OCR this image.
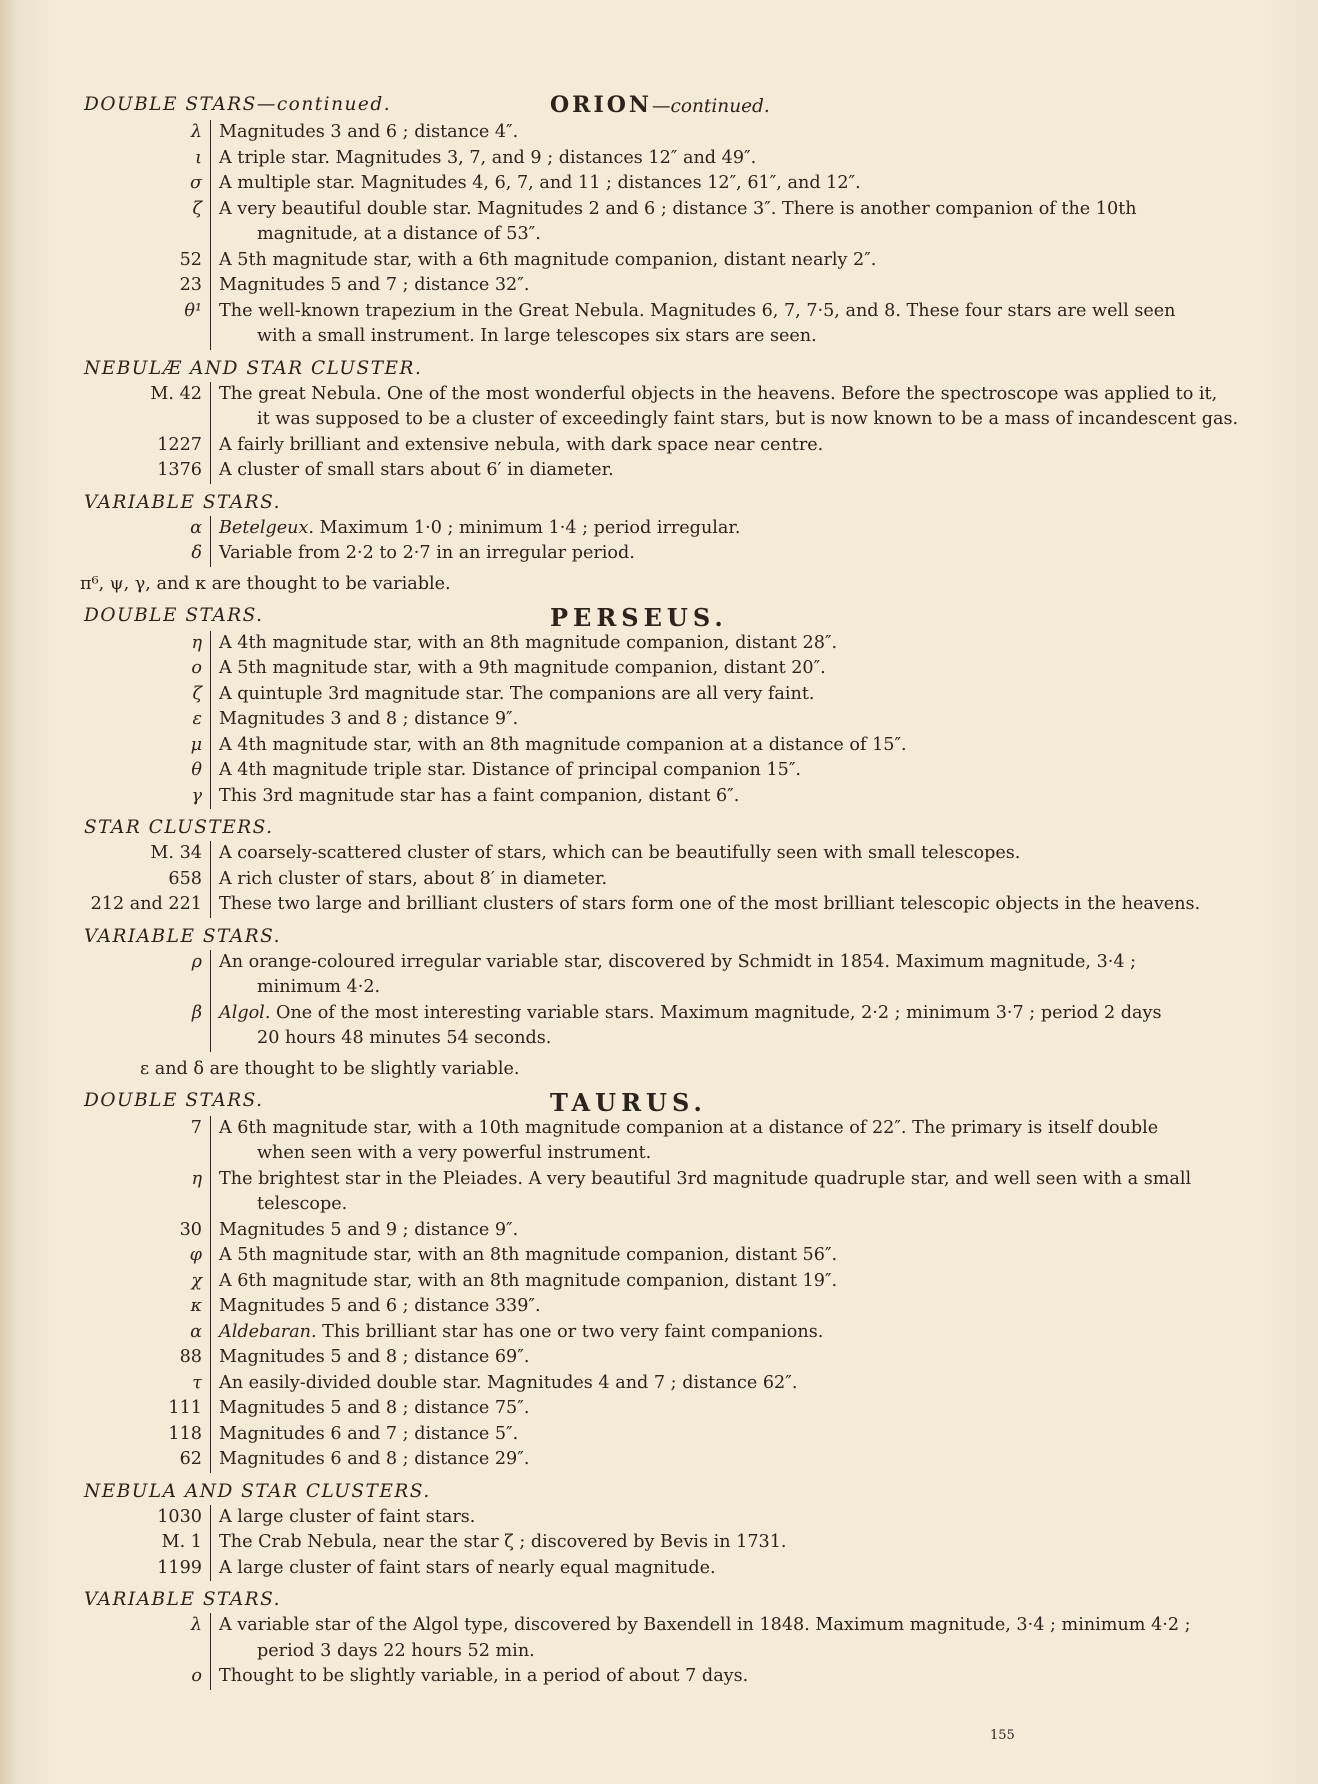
DOUBLE STARS—continued.	ORION—continued.
λ Magnitudes 3 and 6 ; distance 4″.
ι A triple star. Magnitudes 3, 7, and 9 ; distances 12″ and 49″.
σ A multiple star. Magnitudes 4, 6, 7, and 11 ; distances 12″, 61″, and 12″.
ζ A very beautiful double star. Magnitudes 2 and 6 ; distance 3″. There is another companion of the 10th
magnitude, at a distance of 53″.
52 A 5th magnitude star, with a 6th magnitude companion, distant nearly 2″.
23 Magnitudes 5 and 7 ; distance 32″.
θ¹ The well-known trapezium in the Great Nebula. Magnitudes 6, 7, 7·5, and 8. These four stars are well seen
with a small instrument. In large telescopes six stars are seen.
NEBULÆ AND STAR CLUSTER.
M. 42 The great Nebula. One of the most wonderful objects in the heavens. Before the spectroscope was applied to it,
it was supposed to be a cluster of exceedingly faint stars, but is now known to be a mass of incandescent gas.
1227 A fairly brilliant and extensive nebula, with dark space near centre.
1376 A cluster of small stars about 6′ in diameter.
VARIABLE STARS.
α Betelgeux. Maximum 1·0 ; minimum 1·4 ; period irregular.
δ Variable from 2·2 to 2·7 in an irregular period.
π⁶, ψ, γ, and κ are thought to be variable.
DOUBLE STARS.	PERSEUS.
η A 4th magnitude star, with an 8th magnitude companion, distant 28″.
ο A 5th magnitude star, with a 9th magnitude companion, distant 20″.
ζ A quintuple 3rd magnitude star. The companions are all very faint.
ε Magnitudes 3 and 8 ; distance 9″.
μ A 4th magnitude star, with an 8th magnitude companion at a distance of 15″.
θ A 4th magnitude triple star. Distance of principal companion 15″.
γ This 3rd magnitude star has a faint companion, distant 6″.
STAR CLUSTERS.
M. 34 A coarsely-scattered cluster of stars, which can be beautifully seen with small telescopes.
658 A rich cluster of stars, about 8′ in diameter.
212 and 221 These two large and brilliant clusters of stars form one of the most brilliant telescopic objects in the heavens.
VARIABLE STARS.
ρ An orange-coloured irregular variable star, discovered by Schmidt in 1854. Maximum magnitude, 3·4 ;
minimum 4·2.
β Algol. One of the most interesting variable stars. Maximum magnitude, 2·2 ; minimum 3·7 ; period 2 days
20 hours 48 minutes 54 seconds.
ε and δ are thought to be slightly variable.
DOUBLE STARS.	TAURUS.
7 A 6th magnitude star, with a 10th magnitude companion at a distance of 22″. The primary is itself double
when seen with a very powerful instrument.
η The brightest star in the Pleiades. A very beautiful 3rd magnitude quadruple star, and well seen with a small
telescope.
30 Magnitudes 5 and 9 ; distance 9″.
φ A 5th magnitude star, with an 8th magnitude companion, distant 56″.
χ A 6th magnitude star, with an 8th magnitude companion, distant 19″.
κ Magnitudes 5 and 6 ; distance 339″.
α Aldebaran. This brilliant star has one or two very faint companions.
88 Magnitudes 5 and 8 ; distance 69″.
τ An easily-divided double star. Magnitudes 4 and 7 ; distance 62″.
111 Magnitudes 5 and 8 ; distance 75″.
118 Magnitudes 6 and 7 ; distance 5″.
62 Magnitudes 6 and 8 ; distance 29″.
NEBULA AND STAR CLUSTERS.
1030 A large cluster of faint stars.
M. 1 The Crab Nebula, near the star ζ ; discovered by Bevis in 1731.
1199 A large cluster of faint stars of nearly equal magnitude.
VARIABLE STARS.
λ A variable star of the Algol type, discovered by Baxendell in 1848. Maximum magnitude, 3·4 ; minimum 4·2 ;
period 3 days 22 hours 52 min.
ο Thought to be slightly variable, in a period of about 7 days.
155
